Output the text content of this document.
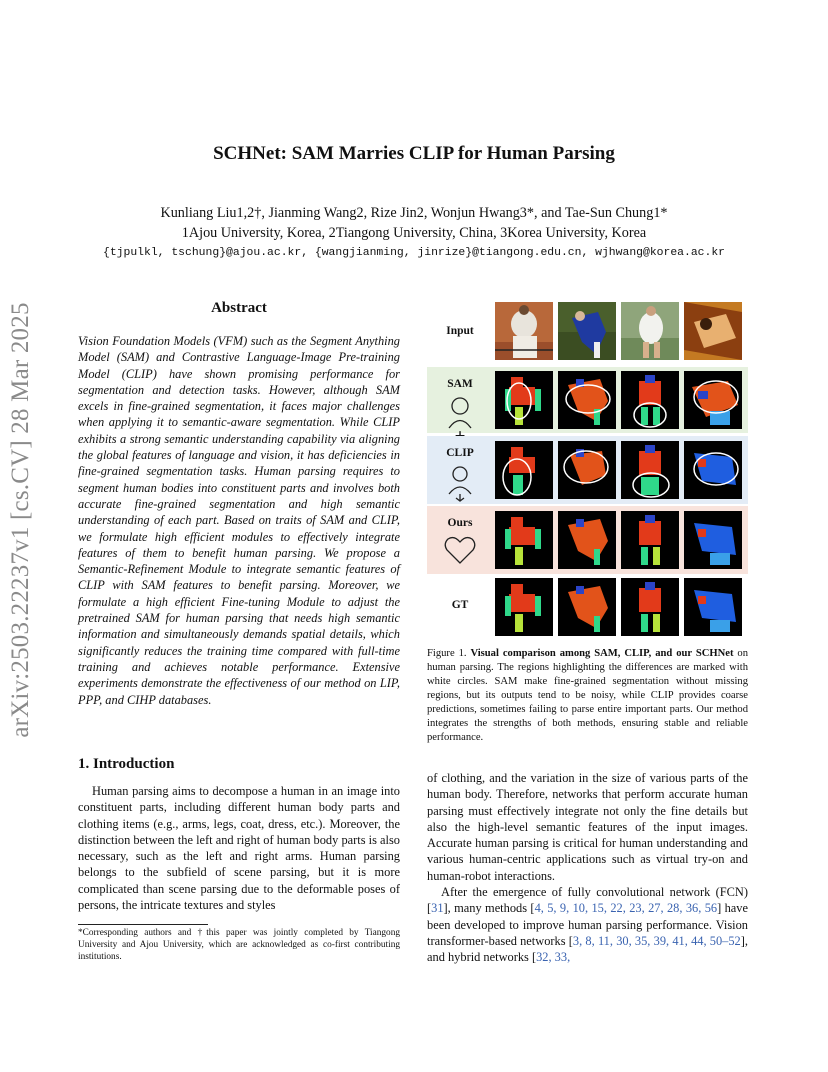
arXiv:2503.22237v1 [cs.CV] 28 Mar 2025
SCHNet: SAM Marries CLIP for Human Parsing
Kunliang Liu1,2†, Jianming Wang2, Rize Jin2, Wonjun Hwang3*, and Tae-Sun Chung1*
1Ajou University, Korea, 2Tiangong University, China, 3Korea University, Korea
{tjpulkl, tschung}@ajou.ac.kr, {wangjianming, jinrize}@tiangong.edu.cn, wjhwang@korea.ac.kr
Abstract
Vision Foundation Models (VFM) such as the Segment Anything Model (SAM) and Contrastive Language-Image Pre-training Model (CLIP) have shown promising performance for segmentation and detection tasks. However, although SAM excels in fine-grained segmentation, it faces major challenges when applying it to semantic-aware segmentation. While CLIP exhibits a strong semantic understanding capability via aligning the global features of language and vision, it has deficiencies in fine-grained segmentation tasks. Human parsing requires to segment human bodies into constituent parts and involves both accurate fine-grained segmentation and high semantic understanding of each part. Based on traits of SAM and CLIP, we formulate high efficient modules to effectively integrate features of them to benefit human parsing. We propose a Semantic-Refinement Module to integrate semantic features of CLIP with SAM features to benefit parsing. Moreover, we formulate a high efficient Fine-tuning Module to adjust the pretrained SAM for human parsing that needs high semantic information and simultaneously demands spatial details, which significantly reduces the training time compared with full-time training and achieves notable performance. Extensive experiments demonstrate the effectiveness of our method on LIP, PPP, and CIHP databases.
1. Introduction

Human parsing aims to decompose a human in an image into constituent parts, including different human body parts and clothing items (e.g., arms, legs, coat, dress, etc.). Moreover, the distinction between the left and right of human body parts is also necessary, such as the left and right arms. Human parsing belongs to the subfield of scene parsing, but it is more complicated than scene parsing due to the deformable poses of persons, the intricate textures and styles

*Corresponding authors and †this paper was jointly completed by Tiangong University and Ajou University, which are acknowledged as co-first contributing institutions.
Input
SAM
CLIP
Ours
GT
Figure 1. Visual comparison among SAM, CLIP, and our SCHNet on human parsing. The regions highlighting the differences are marked with white circles. SAM make fine-grained segmentation without missing regions, but its outputs tend to be noisy, while CLIP provides coarse predictions, sometimes failing to parse entire important parts. Our method integrates the strengths of both methods, ensuring stable and reliable performance.

of clothing, and the variation in the size of various parts of the human body. Therefore, networks that perform accurate human parsing must effectively integrate not only the fine details but also the high-level semantic features of the input images. Accurate human parsing is critical for human understanding and various human-centric applications such as virtual try-on and human-robot interactions.

After the emergence of fully convolutional network (FCN) [31], many methods [4, 5, 9, 10, 15, 22, 23, 27, 28, 36, 56] have been developed to improve human parsing performance. Vision transformer-based networks [3, 8, 11, 30, 35, 39, 41, 44, 50–52], and hybrid networks [32, 33,
